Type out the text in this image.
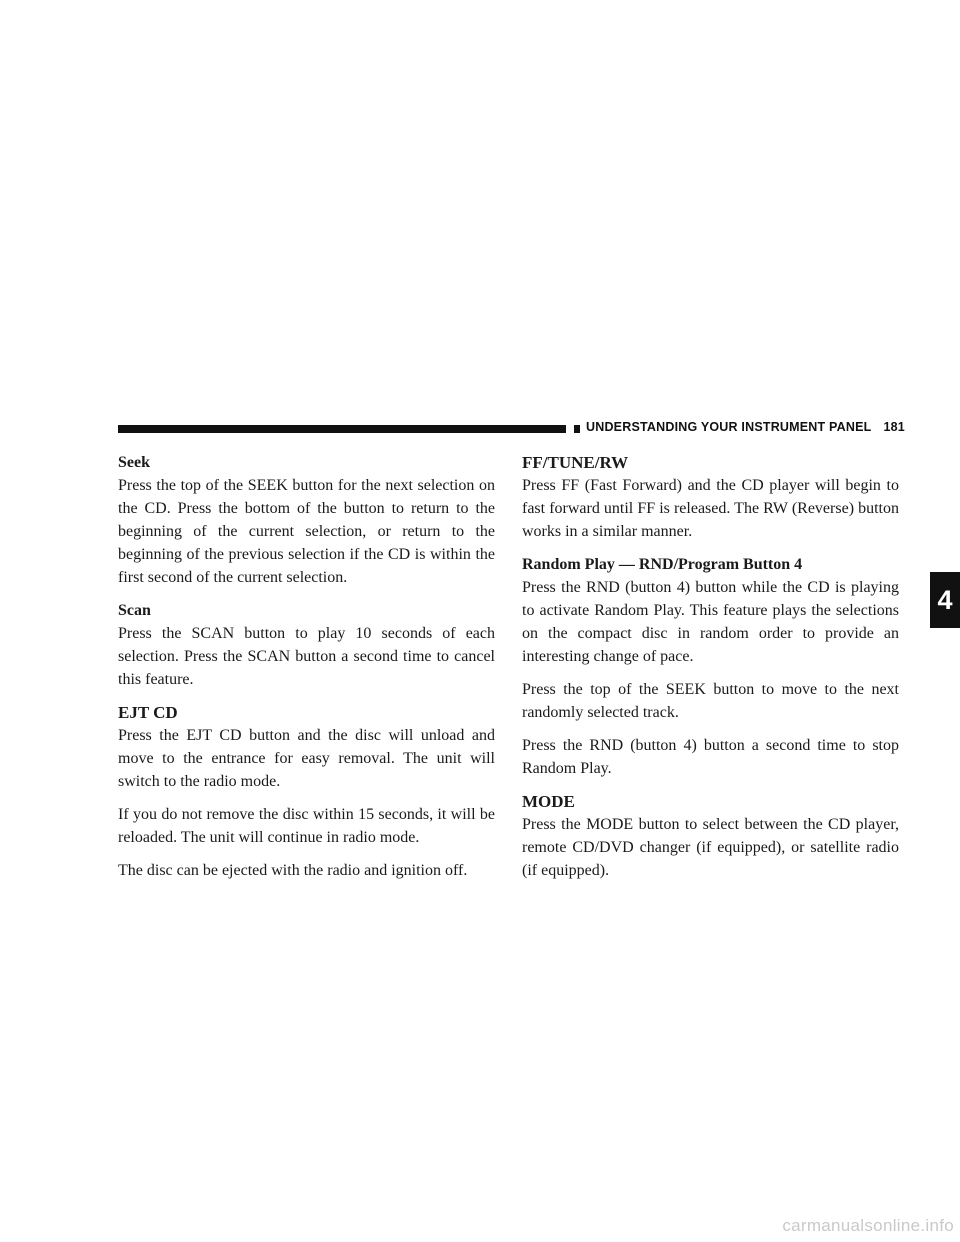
UNDERSTANDING YOUR INSTRUMENT PANEL 181
4
Seek

Press the top of the SEEK button for the next selection on the CD. Press the bottom of the button to return to the beginning of the current selection, or return to the beginning of the previous selection if the CD is within the first second of the current selection.

Scan

Press the SCAN button to play 10 seconds of each selection. Press the SCAN button a second time to cancel this feature.

EJT CD

Press the EJT CD button and the disc will unload and move to the entrance for easy removal. The unit will switch to the radio mode.

If you do not remove the disc within 15 seconds, it will be reloaded. The unit will continue in radio mode.

The disc can be ejected with the radio and ignition off.

FF/TUNE/RW

Press FF (Fast Forward) and the CD player will begin to fast forward until FF is released. The RW (Reverse) button works in a similar manner.

Random Play — RND/Program Button 4

Press the RND (button 4) button while the CD is playing to activate Random Play. This feature plays the selections on the compact disc in random order to provide an interesting change of pace.

Press the top of the SEEK button to move to the next randomly selected track.

Press the RND (button 4) button a second time to stop Random Play.

MODE

Press the MODE button to select between the CD player, remote CD/DVD changer (if equipped), or satellite radio (if equipped).

carmanualsonline.info
